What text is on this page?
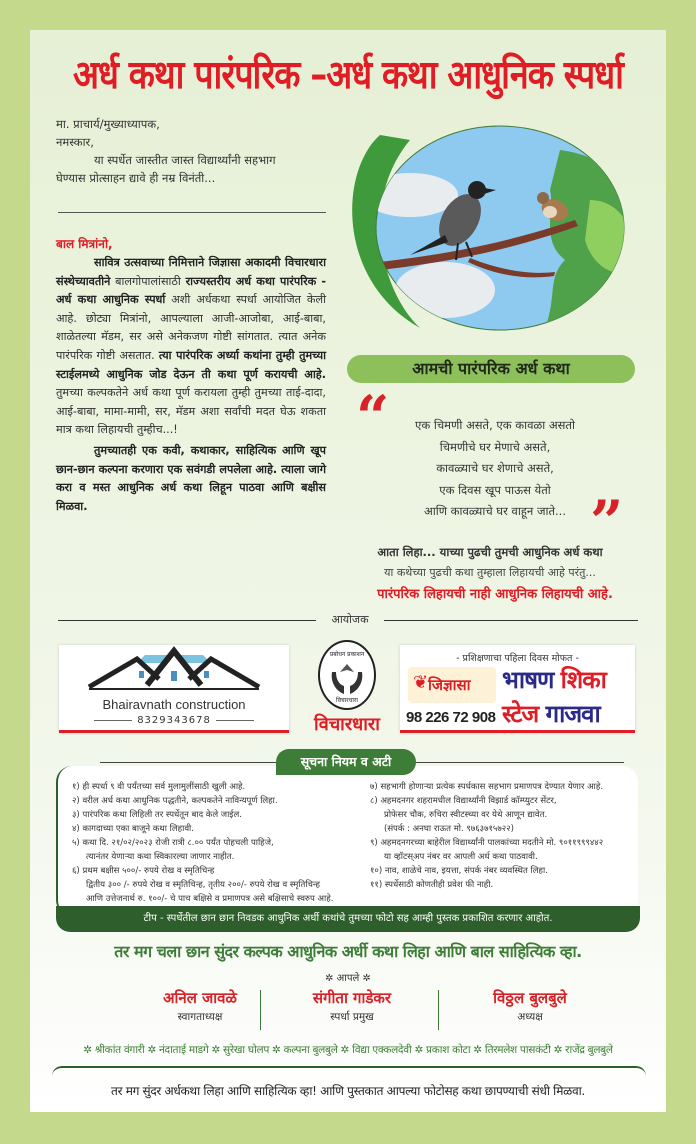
अर्ध कथा पारंपरिक –अर्ध कथा आधुनिक स्पर्धा
मा. प्राचार्य/मुख्याध्यापक,
नमस्कार,
या स्पर्धेत जास्तीत जास्त विद्यार्थ्यांनी सहभाग
घेण्यास प्रोत्साहन द्यावे ही नम्र विनंती...
बाल मित्रांनो,
सावित्र उत्सवाच्या निमित्ताने जिज्ञासा अकादमी विचारधारा संस्थेच्यावतीने बालगोपालांसाठी राज्यस्तरीय अर्ध कथा पारंपरिक - अर्ध कथा आधुनिक स्पर्धा अशी अर्धकथा स्पर्धा आयोजित केली आहे. छोट्या मित्रांनो, आपल्याला आजी-आजोबा, आई-बाबा, शाळेतल्या मॅडम, सर असे अनेकजण गोष्टी सांगतात. त्यात अनेक पारंपरिक गोष्टी असतात. त्या पारंपरिक अर्ध्या कथांना तुम्ही तुमच्या स्टाईलमध्ये आधुनिक जोड देऊन ती कथा पूर्ण करायची आहे. तुमच्या कल्पकतेने अर्ध कथा पूर्ण करायला तुम्ही तुमच्या ताई-दादा, आई-बाबा, मामा-मामी, सर, मॅडम अशा सर्वांची मदत घेऊ शकता मात्र कथा लिहायची तुम्हीच...!
तुमच्यातही एक कवी, कथाकार, साहित्यिक आणि खूप छान-छान कल्पना करणारा एक सवंगडी लपलेला आहे. त्याला जागे करा व मस्त आधुनिक अर्ध कथा लिहून पाठवा आणि बक्षीस मिळवा.
आमची पारंपरिक अर्ध कथा
“	एक चिमणी असते, एक कावळा असतो
चिमणीचे घर मेणाचे असते,
कावळ्याचे घर शेणाचे असते,
एक दिवस खूप पाऊस येतो
आणि कावळ्याचे घर वाहून जाते... ”
आता लिहा... याच्या पुढची तुमची आधुनिक अर्ध कथा
या कथेच्या पुढची कथा तुम्हाला लिहायची आहे परंतु...
पारंपरिक लिहायची नाही आधुनिक लिहायची आहे.
आयोजक
Bhairavnath construction
8329343678
प्रबोधन प्रकाशन
विचारधारा
विचारधारा
- प्रशिक्षणाचा पहिला दिवस मोफत -
❦ जिज्ञासा
98 226 72 908
भाषण शिका
स्टेज गाजवा
सूचना नियम व अटी
१) ही स्पर्धा ९ वी पर्यंतच्या सर्व मुलामुलींसाठी खुली आहे.
२) वरील अर्ध कथा आधुनिक पद्धतीने, कल्पकतेने नाविन्यपूर्ण लिहा.
३) पारंपरिक कथा लिहिली तर स्पर्धेतून बाद केले जाईल.
४) कागदाच्या एका बाजूने कथा लिहावी.
५) कथा दि. २१/०२/२०२३ रोजी रात्री ८.०० पर्यंत पोहचली पाहिजे,
त्यानंतर येणाऱ्या कथा स्विकारल्या जाणार नाहीत.
६) प्रथम बक्षीस ५००/- रुपये रोख व स्मृतिचिन्ह
द्वितीय ३०० /- रुपये रोख व स्मृतिचिन्ह, तृतीय २००/- रुपये रोख व स्मृतिचिन्ह
आणि उत्तेजनार्थ रु. १००/- चे पाच बक्षिसे व प्रमाणपत्र असे बक्षिसाचे स्वरुप आहे.
७) सहभागी होणाऱ्या प्रत्येक स्पर्धकास सहभाग प्रमाणपत्र देण्यात येणार आहे.
८) अहमदनगर शहरामधील विद्यार्थ्यांनी विझार्ड कॉम्प्युटर सेंटर,
प्रोफेसर चौक, रुचिरा स्वीटस्च्या वर येथे आणून द्यावेत.
(संपर्क : अनघा राऊत मो. ९७६३७१५७२२)
९) अहमदनगरच्या बाहेरील विद्यार्थ्यांनी पालकांच्या मदतीने मो. ९०११९९९४४२
या व्हॉटस्अप नंबर वर आपली अर्ध कथा पाठवावी.
१०) नाव, शाळेचे नाव, इयत्ता, संपर्क नंबर व्यवस्थित लिहा.
११) स्पर्धेसाठी कोणतीही प्रवेश फी नाही.
टीप - स्पर्धेतील छान छान निवडक आधुनिक अर्धी कथांचे तुमच्या फोटो सह आम्ही पुस्तक प्रकाशित करणार आहोत.
तर मग चला छान सुंदर कल्पक आधुनिक अर्धी कथा लिहा आणि बाल साहित्यिक व्हा.
✲ आपले ✲
अनिल जावळे
स्वागताध्यक्ष
संगीता गाडेकर
स्पर्धा प्रमुख
विठ्ठल बुलबुले
अध्यक्ष
✲ श्रीकांत वंगारी ✲ नंदाताई माडगे ✲ सुरेखा घोलप ✲ कल्पना बुलबुले ✲ विद्या एक्कलदेवी ✲ प्रकाश कोटा ✲ तिरमलेश पासकंटी ✲ राजेंद्र बुलबुले
तर मग सुंदर अर्धकथा लिहा आणि साहित्यिक व्हा! आणि पुस्तकात आपल्या फोटोसह कथा छापण्याची संधी मिळवा.
